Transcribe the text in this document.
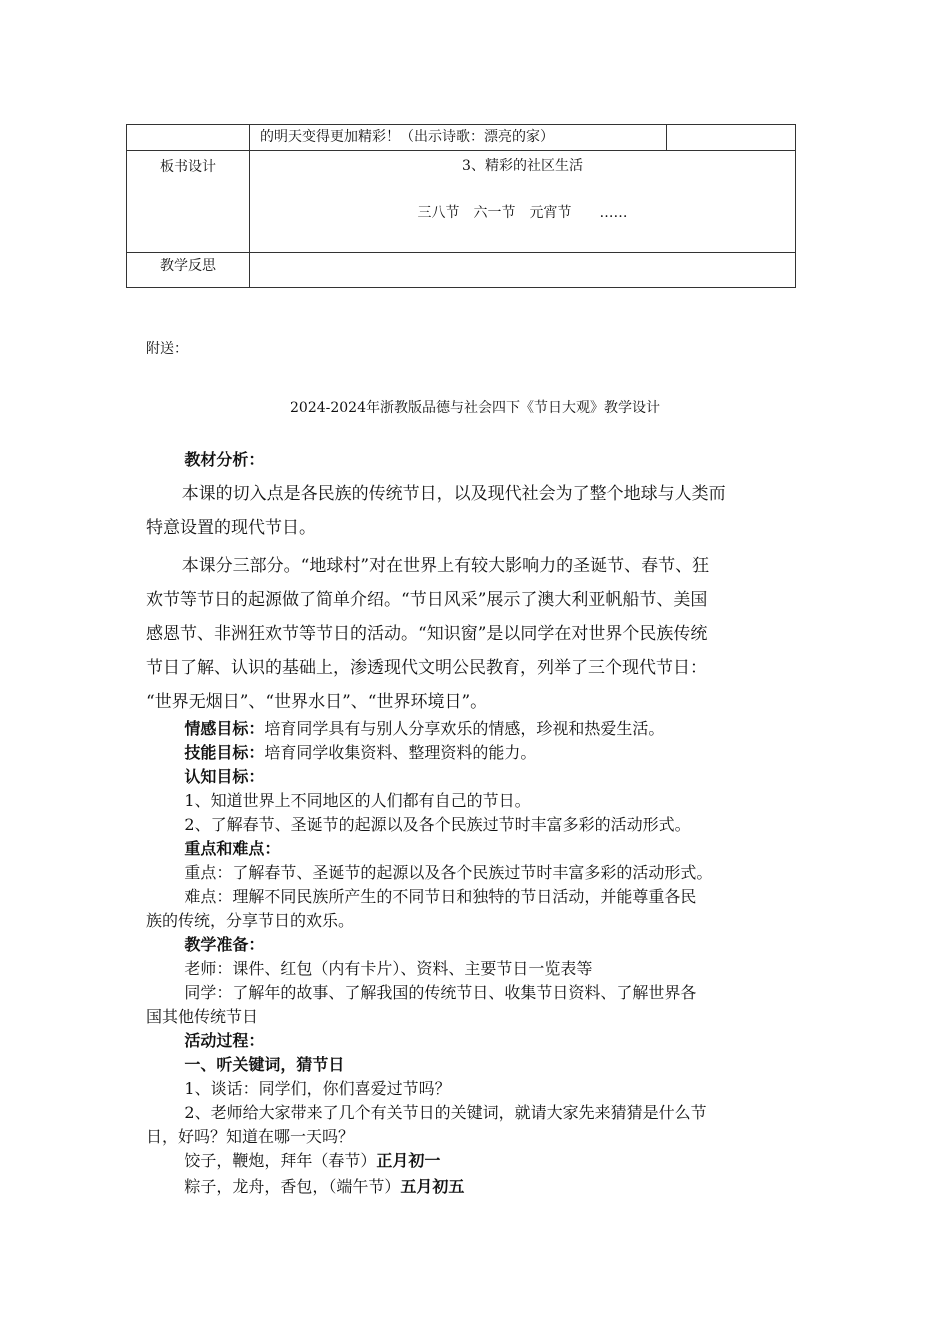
	的明天变得更加精彩！（出示诗歌：漂亮的家）	
板书设计	3、精彩的社区生活
三八节　六一节　元宵节　　……	

教学反思		
附送：
2024-2024年浙教版品德与社会四下《节日大观》教学设计

教材分析：

本课的切入点是各民族的传统节日，以及现代社会为了整个地球与人类而

特意设置的现代节日。

本课分三部分。“地球村”对在世界上有较大影响力的圣诞节、春节、狂

欢节等节日的起源做了简单介绍。“节日风采”展示了澳大利亚帆船节、美国

感恩节、非洲狂欢节等节日的活动。“知识窗”是以同学在对世界个民族传统

节日了解、认识的基础上，渗透现代文明公民教育，列举了三个现代节日：

“世界无烟日”、“世界水日”、“世界环境日”。

情感目标：培育同学具有与别人分享欢乐的情感，珍视和热爱生活。

技能目标：培育同学收集资料、整理资料的能力。

认知目标：

1、知道世界上不同地区的人们都有自己的节日。

2、了解春节、圣诞节的起源以及各个民族过节时丰富多彩的活动形式。

重点和难点：

重点：了解春节、圣诞节的起源以及各个民族过节时丰富多彩的活动形式。

难点：理解不同民族所产生的不同节日和独特的节日活动，并能尊重各民

族的传统，分享节日的欢乐。

教学准备：

老师：课件、红包（内有卡片）、资料、主要节日一览表等

同学：了解年的故事、了解我国的传统节日、收集节日资料、了解世界各

国其他传统节日

活动过程：

一、听关键词，猜节日

1、谈话：同学们，你们喜爱过节吗？

2、老师给大家带来了几个有关节日的关键词，就请大家先来猜猜是什么节

日，好吗？知道在哪一天吗？

饺子，鞭炮，拜年（春节）正月初一

粽子，龙舟，香包，（端午节）五月初五
